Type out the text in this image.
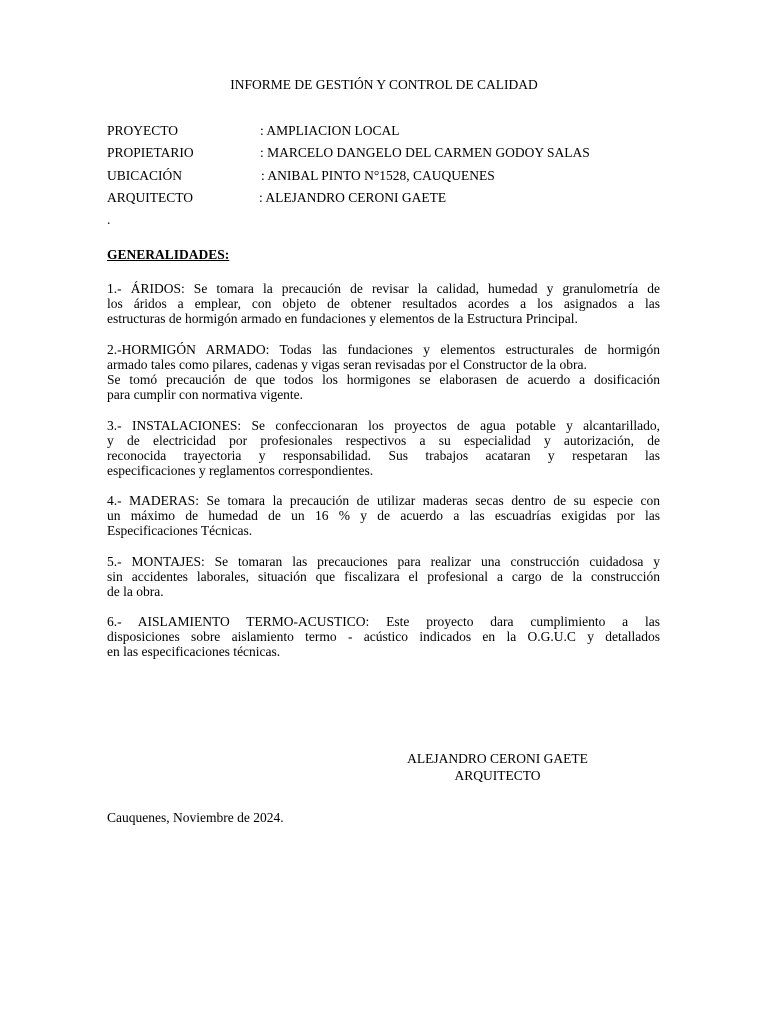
INFORME DE GESTIÓN Y CONTROL DE CALIDAD
PROYECTO	: AMPLIACION LOCAL
PROPIETARIO	: MARCELO DANGELO DEL CARMEN GODOY SALAS
UBICACIÓN	: ANIBAL PINTO N°1528, CAUQUENES
ARQUITECTO	: ALEJANDRO CERONI GAETE
.
GENERALIDADES:
1.- ÁRIDOS: Se tomara la precaución de revisar la calidad, humedad y granulometría de
los áridos a emplear, con objeto de obtener resultados acordes a los asignados a las
estructuras de hormigón armado en fundaciones y elementos de la Estructura Principal.
2.-HORMIGÓN ARMADO: Todas las fundaciones y elementos estructurales de hormigón
armado tales como pilares, cadenas y vigas seran revisadas por el Constructor de la obra.
Se tomó precaución de que todos los hormigones se elaborasen de acuerdo a dosificación
para cumplir con normativa vigente.
3.- INSTALACIONES: Se confeccionaran los proyectos de agua potable y alcantarillado,
y de electricidad por profesionales respectivos a su especialidad y autorización, de
reconocida trayectoria y responsabilidad. Sus trabajos acataran y respetaran las
especificaciones y reglamentos correspondientes.
4.- MADERAS: Se tomara la precaución de utilizar maderas secas dentro de su especie con
un máximo de humedad de un 16 % y de acuerdo a las escuadrías exigidas por las
Especificaciones Técnicas.
5.- MONTAJES: Se tomaran las precauciones para realizar una construcción cuidadosa y
sin accidentes laborales, situación que fiscalizara el profesional a cargo de la construcción
de la obra.
6.- AISLAMIENTO TERMO-ACUSTICO: Este proyecto dara cumplimiento a las
disposiciones sobre aislamiento termo - acústico indicados en la O.G.U.C y detallados
en las especificaciones técnicas.
ALEJANDRO CERONI GAETE
ARQUITECTO
Cauquenes, Noviembre de 2024.
